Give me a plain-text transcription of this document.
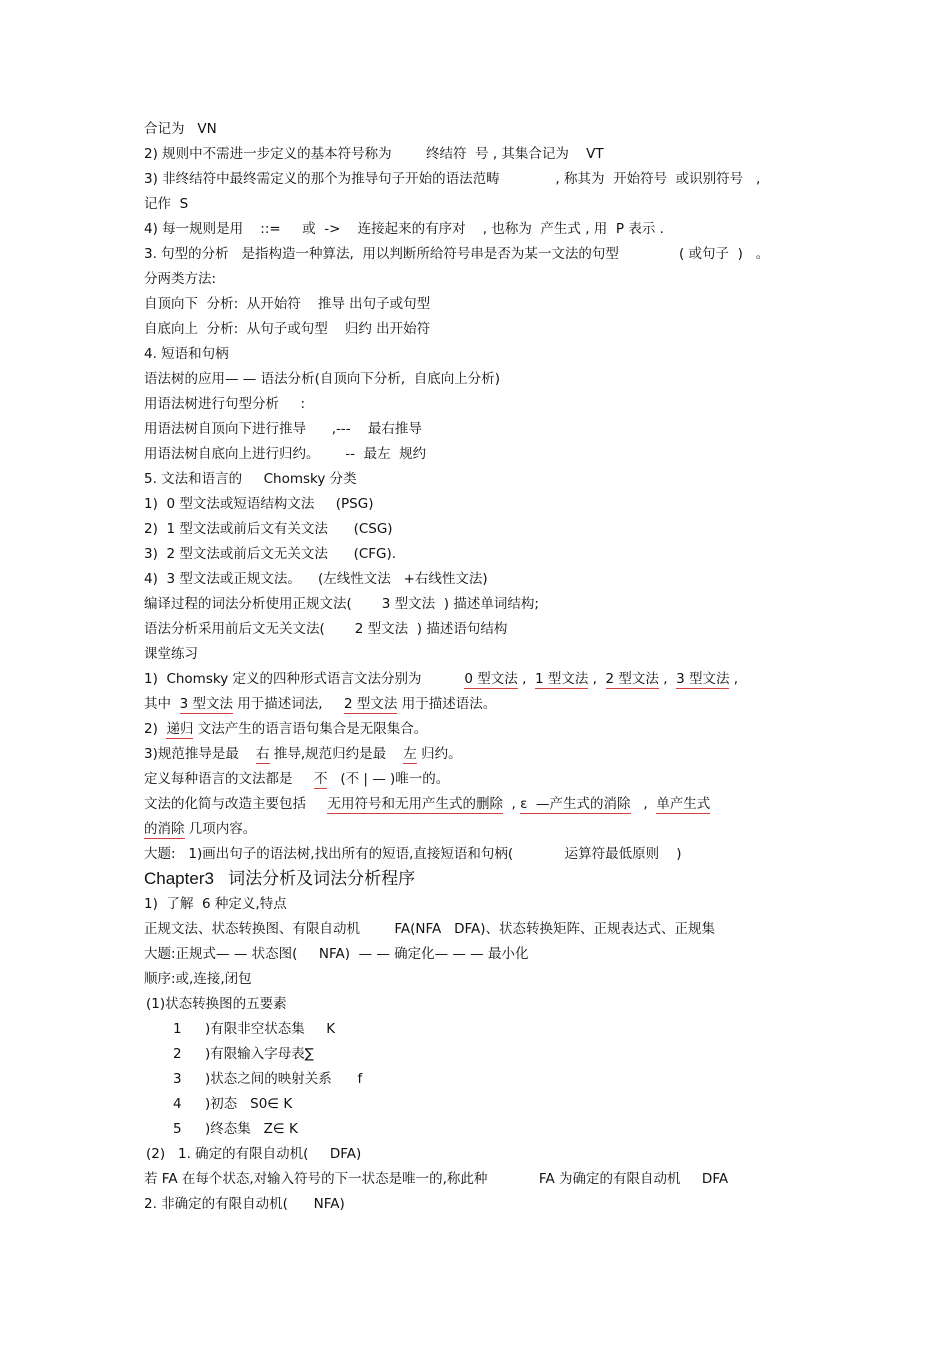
合记为   VN
2) 规则中不需进一步定义的基本符号称为        终结符  号 , 其集合记为    VT
3) 非终结符中最终需定义的那个为推导句子开始的语法范畴             , 称其为  开始符号  或识别符号   ,
记作  S
4) 每一规则是用    ::=     或  ->    连接起来的有序对    , 也称为  产生式 , 用  P 表示 .
3. 句型的分析   是指构造一种算法,  用以判断所给符号串是否为某一文法的句型              ( 或句子  )   。
分两类方法:
自顶向下  分析:  从开始符    推导 出句子或句型
自底向上  分析:  从句子或句型    归约 出开始符
4. 短语和句柄
语法树的应用— — 语法分析(自顶向下分析,  自底向上分析)
用语法树进行句型分析     :
用语法树自顶向下进行推导      ,---    最右推导
用语法树自底向上进行归约。      --  最左  规约
5. 文法和语言的     Chomsky 分类
1)  0 型文法或短语结构文法     (PSG)
2)  1 型文法或前后文有关文法      (CSG)
3)  2 型文法或前后文无关文法      (CFG).
4)  3 型文法或正规文法。    (左线性文法   +右线性文法)
编译过程的词法分析使用正规文法(       3 型文法  ) 描述单词结构;
语法分析采用前后文无关文法(       2 型文法  ) 描述语句结构
课堂练习
1)  Chomsky 定义的四种形式语言文法分别为          0 型文法 ,  1 型文法 ,  2 型文法 ,  3 型文法 ,
其中  3 型文法 用于描述词法,     2 型文法 用于描述语法。
2)  递归 文法产生的语言语句集合是无限集合。
3)规范推导是最    右 推导,规范归约是最    左 归约。
定义每种语言的文法都是     不   (不 | — )唯一的。
文法的化简与改造主要包括     无用符号和无用产生式的删除  , ε  —产生式的消除   ,  单产生式
的消除 几项内容。
大题:   1)画出句子的语法树,找出所有的短语,直接短语和句柄(            运算符最低原则    )
Chapter3   词法分析及词法分析程序
1)  了解  6 种定义,特点
正规文法、状态转换图、有限自动机        FA(NFA   DFA)、状态转换矩阵、正规表达式、正规集
大题:正规式— — 状态图(     NFA)  — — 确定化— — — 最小化
顺序:或,连接,闭包
(1)状态转换图的五要素
1 )有限非空状态集     K
2 )有限输入字母表∑
3 )状态之间的映射关系      f
4 )初态   S0∈ K
5 )终态集   Z∈ K
(2)   1. 确定的有限自动机(     DFA)
若 FA 在每个状态,对输入符号的下一状态是唯一的,称此种            FA 为确定的有限自动机     DFA
2. 非确定的有限自动机(      NFA)
